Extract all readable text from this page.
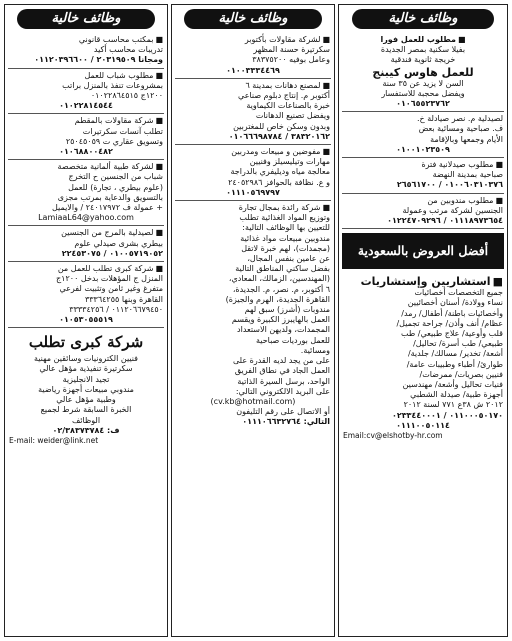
وظائف خالية

■مطلوب للعمل فورا
بفيلا سكنية بمصر الجديدة
خريجة ثانوية فندقية
للعمل هاوس كيبنج
السن لا يزيد عن ٣٥ سنة
ويفضل محجبة للاستفسار
٠١٠٦٥٥٢٣٧٦٢

لصيدلية م. نصر صيادلة خ.
ف. صباحية ومسائية بعض
الأيام وجمعها وبالإقامة
٠١٠٠١٠٢٣٥٠٩

■مطلوب صيدلانية فترة
صباحية بمدينة النهضة
٠١٠٠٦٠٣١٠٣٧٦ / ٢٦٥٦١٧٠٠

■مطلوب مندوبين من
الجنسين لشركة مرتب وعمولة
٠١١١٨٩٧٣٦٥٤ / ٠١٢٢٤٧٠٩٢٩٦

أفضل العروض بالسعودية

■استشاريين وإستشاريات
جميع التخصصات أخصائيات
نساء وولادة/ أسنان أخصائيين
وأخصائيات باطنة/ أطفال/ رمد/
عظام/ أنف وأذن/ جراحة تجميل/
قلب وأوعية/ علاج طبيعي/ طب
طبيعي/ طب أسرة/ تحاليل/
أشعة/ تخدير/ مسالك/ جلدية/
طوارئ/ أطباء وطبيبات عامة/
فنيين بصريات/ ممرضات/
فنيات تحاليل وأشعة/ مهندسين
أجهزة طبية/ صيدلة الشطبي
٢٠١٢ ش ٣٨ع ٧٧١ لسنة ٢٠١٢
٠١١٠٠٠٥٠١٧٠ / ٠٢٣٣٤٤٠٠٠١
٠١١١٠٠٥٠١١٤
Email:cv@elshotby-hr.com

وظائف خالية

■لشركة مقاولات بأكتوبر
سكرتيرة حسنة المظهر
وعامل بوفيه ٣٨٣٧٥٢٠٠
٠١٠٠٣٣٣٤٤٦٩

■لمصنع دهانات بمدينة ٦
أكتوبر م. إنتاج دبلوم صناعي
خبرة بالصناعات الكيماوية
ويفضل تصنيع الدهانات
وبدون وسكن خاص للمغتربين
٣٨٣٢٠١٦٢ / ٠١٠٦٦٦٩٨٧٨٤

■مفوضين و مبيعات ومدربين
مهارات وتيليسيلز وفنيين
معالجة مياه وديليفري بالدراجة
و ع. نظافة بالحوافز ٢٤٠٥٢٩٨٦
٠١١١٠٥٦٩٧٩٧

■شركة رائدة بمجال تجارة
وتوزيع المواد الغذائية تطلب
للتعيين بها الوظائف التالية:
مندوبين مبيعات مواد غذائية
(مجمدات)، لهم خبرة لاتقل
عن عامين بنفس المجال،
بفضل ساكني المناطق التالية
(المهندسين، الزمالك، المعادي،
٦ أكتوبر، م. نصر، م. الجديدة،
القاهرة الجديدة، الهرم والجيزة)
مندوبات (أشرز) سبق لهم
العمل بالهايبرز الكبيرة ويقسم
المجمدات، ولديهن الاستعداد
للعمل بورديات صباحية
ومسائية.
على من يجد لديه القدرة على
العمل الجاد في نطاق الفريق
الواحد، برسل السيرة الذاتية
على البريد الالكتروني التالي:
(cv.kb@hotmail.com)
أو الاتصال على رقم التليفون
التالي: ٠١١١٠٦٦٣٢٧٦٤

وظائف خالية

■بمكتب محاسب قانوني
تدريبات محاسب أكيد
ومجانا ٢٠٣١٩٥٠٩ / ٠١١٢٠٣٩٦٦٠٠

■مطلوب شباب للعمل
بمشروعات تنفذ بالمنزل براتب
١٢٠٠ج ٠١٠٢٢٨٦٤٥١٥
٠١٠٢٢٨١٤٥٤٤

■شركة مقاولات بالمقطم
تطلب آنسات سكرتيرات
وتسويق عقاري ت ٢٥٠٤٥٠٥٩
٠١٠٦٨٨٠٠٤٨٢

■لشركة طبية ألمانية متخصصة
شباب من الجنسين ح التخرج
(علوم بيطري ، تجارة) للعمل
بالتسويق والدعاية بمرتب مجزى
+ عمولة ف ٢٤٠١٧٩٧٢ / والايميل
LamiaaL64@yahoo.com

■لصيدلية بالمرج من الجنسين
بيطري بشرى صيدلي علوم
٠١٠٠٥٧١٩٠٥٢ / ٢٢٤٥٣٠٧٥

■شركة كبرى تطلب للعمل من
المنزل ج المؤهلات بدخل ١٢٠٠ج
متفرغ وغير ثامن وتثبيت لفرعي
القاهرة وبنها ٣٣٣٦٤٢٥٥
٠١١٢٠٦٦٧٩٤٥٠ / ٣٣٣٣٤٢٥٦
٠١٠٥٣٠٥٥٥١٩

شركة كبرى تطلب

فنيين الكترونيات وسائقين مهنية
سكرتيرة تنفيذية مؤهل عالي
تجيد الانجليزية
مندوبي مبيعات أجهزة رياضية
وطبية مؤهل عالي
الخبرة السابقة شرط لجميع
الوظائف
ف: ٠٢/٣٨٣٧٣٧٨٤
E-mail: weider@link.net
